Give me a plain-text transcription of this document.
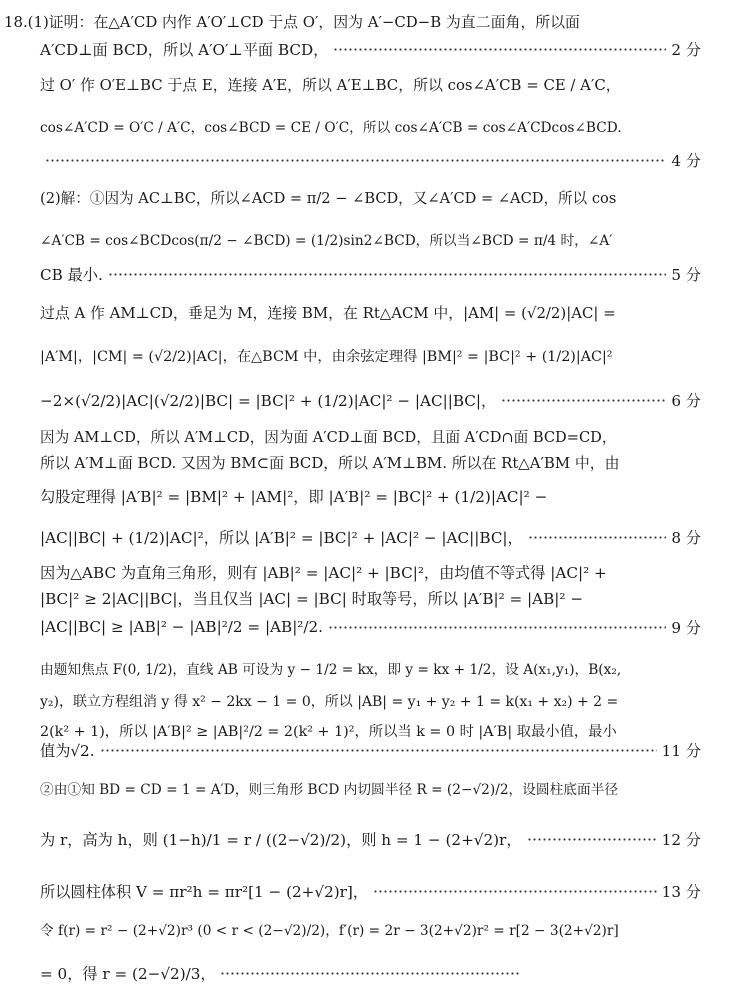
18.(1)证明：在△A′CD 内作 A′O′⊥CD 于点 O′，因为 A′−CD−B 为直二面角，所以面
A′CD⊥面 BCD，所以 A′O′⊥平面 BCD，	2 分
过 O′ 作 O′E⊥BC 于点 E，连接 A′E，所以 A′E⊥BC，所以 cos∠A′CB = CE / A′C，
cos∠A′CD = O′C / A′C，cos∠BCD = CE / O′C，所以 cos∠A′CB = cos∠A′CDcos∠BCD.
4 分
(2)解：①因为 AC⊥BC，所以∠ACD = π/2 − ∠BCD，又∠A′CD = ∠ACD，所以 cos
∠A′CB = cos∠BCDcos(π/2 − ∠BCD) = (1/2)sin2∠BCD，所以当∠BCD = π/4 时，∠A′
CB 最小.	5 分
过点 A 作 AM⊥CD，垂足为 M，连接 BM，在 Rt△ACM 中，|AM| = (√2/2)|AC| =
|A′M|，|CM| = (√2/2)|AC|，在△BCM 中，由余弦定理得 |BM|² = |BC|² + (1/2)|AC|²
−2×(√2/2)|AC|(√2/2)|BC| = |BC|² + (1/2)|AC|² − |AC||BC|，	6 分
因为 AM⊥CD，所以 A′M⊥CD，因为面 A′CD⊥面 BCD，且面 A′CD∩面 BCD=CD，
所以 A′M⊥面 BCD. 又因为 BM⊂面 BCD，所以 A′M⊥BM. 所以在 Rt△A′BM 中，由
勾股定理得 |A′B|² = |BM|² + |AM|²，即 |A′B|² = |BC|² + (1/2)|AC|² −
|AC||BC| + (1/2)|AC|²，所以 |A′B|² = |BC|² + |AC|² − |AC||BC|，	8 分
因为△ABC 为直角三角形，则有 |AB|² = |AC|² + |BC|²，由均值不等式得 |AC|² +
|BC|² ≥ 2|AC||BC|，当且仅当 |AC| = |BC| 时取等号，所以 |A′B|² = |AB|² −
|AC||BC| ≥ |AB|² − |AB|²/2 = |AB|²/2.	9 分
由题知焦点 F(0, 1/2)，直线 AB 可设为 y − 1/2 = kx，即 y = kx + 1/2，设 A(x₁,y₁)，B(x₂,
y₂)，联立方程组消 y 得 x² − 2kx − 1 = 0，所以 |AB| = y₁ + y₂ + 1 = k(x₁ + x₂) + 2 =
2(k² + 1)，所以 |A′B|² ≥ |AB|²/2 = 2(k² + 1)²，所以当 k = 0 时 |A′B| 取最小值，最小
值为√2.	11 分
②由①知 BD = CD = 1 = A′D，则三角形 BCD 内切圆半径 R = (2−√2)/2，设圆柱底面半径
为 r，高为 h，则 (1−h)/1 = r / ((2−√2)/2)，则 h = 1 − (2+√2)r，	12 分
所以圆柱体积 V = πr²h = πr²[1 − (2+√2)r]，	13 分
令 f(r) = r² − (2+√2)r³ (0 < r < (2−√2)/2)，f′(r) = 2r − 3(2+√2)r² = r[2 − 3(2+√2)r]
= 0，得 r = (2−√2)/3，
